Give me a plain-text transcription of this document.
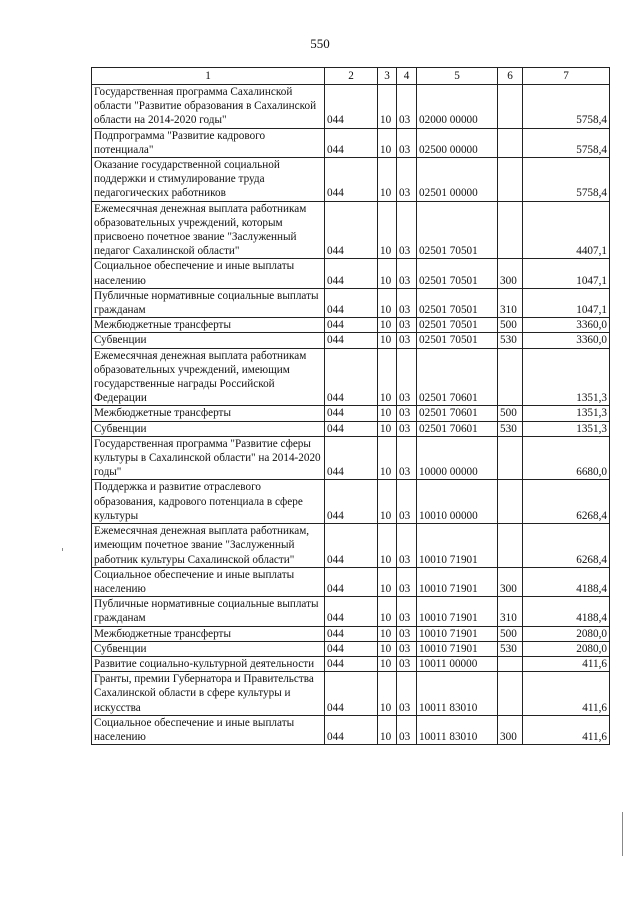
550
1	2	3	4	5	6	7
Государственная программа Сахалинской области "Развитие образования в Сахалинской области на 2014-2020 годы"	044	10	03	02000 00000		5758,4
Подпрограмма "Развитие кадрового потенциала"	044	10	03	02500 00000		5758,4
Оказание государственной социальной поддержки и стимулирование труда педагогических работников	044	10	03	02501 00000		5758,4
Ежемесячная денежная выплата работникам образовательных учреждений, которым присвоено почетное звание "Заслуженный педагог Сахалинской области"	044	10	03	02501 70501		4407,1
Социальное обеспечение и иные выплаты населению	044	10	03	02501 70501	300	1047,1
Публичные нормативные социальные выплаты гражданам	044	10	03	02501 70501	310	1047,1
Межбюджетные трансферты	044	10	03	02501 70501	500	3360,0
Субвенции	044	10	03	02501 70501	530	3360,0
Ежемесячная денежная выплата работникам образовательных учреждений, имеющим государственные награды Российской Федерации	044	10	03	02501 70601		1351,3
Межбюджетные трансферты	044	10	03	02501 70601	500	1351,3
Субвенции	044	10	03	02501 70601	530	1351,3
Государственная программа "Развитие сферы культуры в Сахалинской области" на 2014-2020 годы"	044	10	03	10000 00000		6680,0
Поддержка и развитие отраслевого образования, кадрового потенциала в сфере культуры	044	10	03	10010 00000		6268,4
Ежемесячная денежная выплата работникам, имеющим почетное звание "Заслуженный работник культуры Сахалинской области"	044	10	03	10010 71901		6268,4
Социальное обеспечение и иные выплаты населению	044	10	03	10010 71901	300	4188,4
Публичные нормативные социальные выплаты гражданам	044	10	03	10010 71901	310	4188,4
Межбюджетные трансферты	044	10	03	10010 71901	500	2080,0
Субвенции	044	10	03	10010 71901	530	2080,0
Развитие социально-культурной деятельности	044	10	03	10011 00000		411,6
Гранты, премии Губернатора и Правительства Сахалинской области в сфере культуры и искусства	044	10	03	10011 83010		411,6
Социальное обеспечение и иные выплаты населению	044	10	03	10011 83010	300	411,6
